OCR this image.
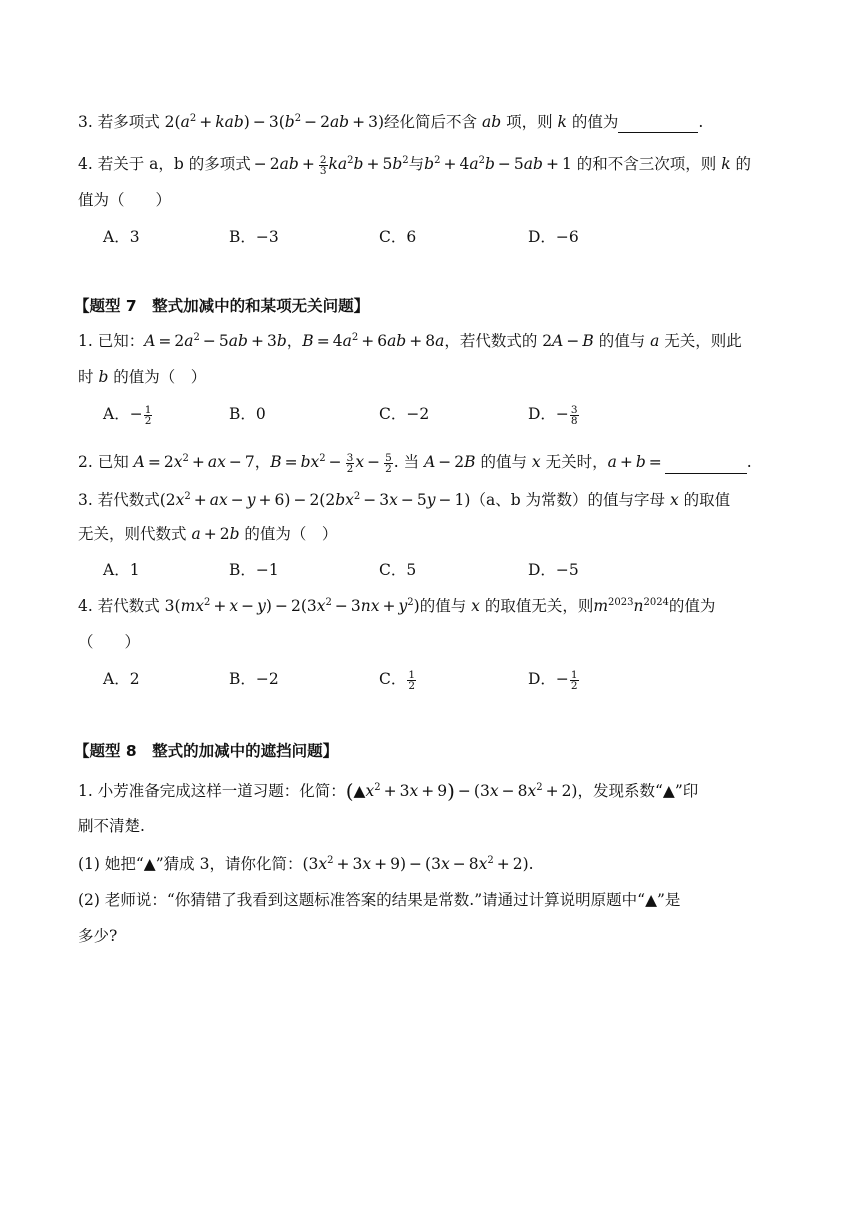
3. 若多项式 $2(a^2 + kab) - 3(b^2 - 2ab + 3)$经化简后不含 ab 项，则 k 的值为	.
4. 若关于 a，b 的多项式 − $2ab + \frac{2}{3} ka^2b + 5b^2$与$b^2 + 4a^2b - 5ab + 1$ 的和不含三次项，则 k 的
值为（　　）
A．3	B．−3	C．6	D．−6
【题型 7　整式加减中的和某项无关问题】
1. 已知：$A = 2a^2 - 5ab + 3b$，$B = 4a^2 + 6ab + 8a$，若代数式的 2A − B 的值与 a 无关，则此
时 b 的值为（　）
A．− $\frac{1}{2}$	B．0	C．−2	D．− $\frac{3}{8}$
2. 已知 $A = 2x^2$ + ax − 7，$B = bx^2 - \frac{3}{2}$ $x - \frac{5}{2}$ . 当 A − 2B 的值与 x 无关时，a + b =	.
3. 若代数式($2x^2$ + ax − $y + 6) - 2(2bx^2 - 3x - 5y - 1)(a$、b 为常数）的值与字母 x 的取值
无关，则代数式 a + 2b 的值为（　）
A．1	B．−1	C．5	D．−5
4. 若代数式 $3(mx^2 + x - y) - 2(3x^2 - 3nx + y^2)$的值与 x 的取值无关，则$m^{2023}n^{2024}$的值为
（　　）
A．2	B．−2	C． $\frac{1}{2}$	D．− $\frac{1}{2}$
【题型 8　整式的加减中的遮挡问题】
1. 小芳准备完成这样一道习题：化简：$(▲x^2 + 3x + 9) - (3x - 8x^2 + 2)$，发现系数“▲”印
刷不清楚.
(1) 她把“▲”猜成 3，请你化简：$(3x^2 + 3x + 9) - (3x - 8x^2 + 2)$.
(2) 老师说：“你猜错了我看到这题标准答案的结果是常数.”请通过计算说明原题中“▲”是
多少?
